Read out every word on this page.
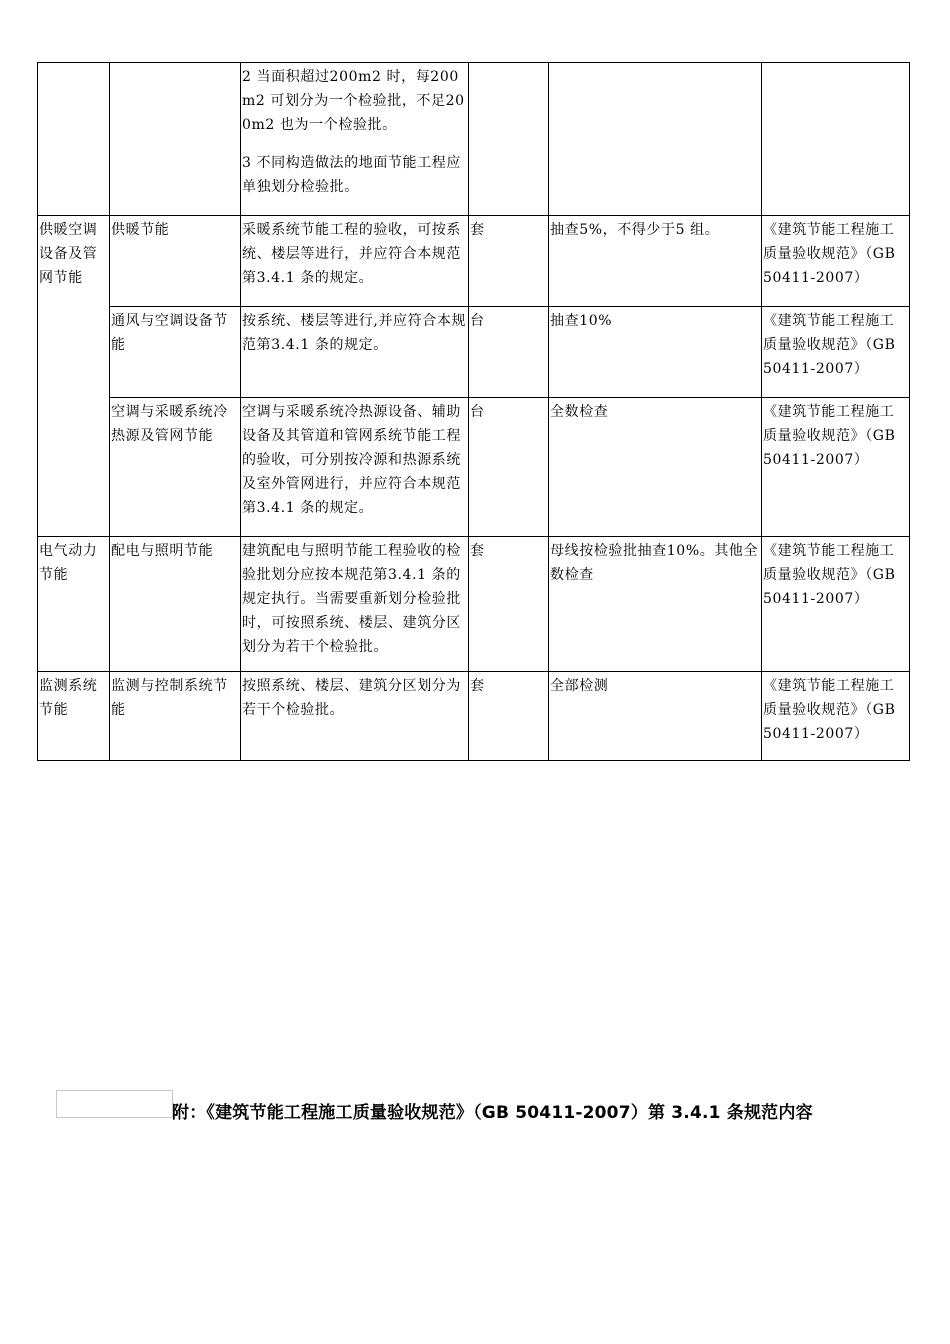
		2 当面积超过200m2 时，每200m2 可划分为一个检验批，不足200m2 也为一个检验批。

3 不同构造做法的地面节能工程应单独划分检验批。			

供暖空调设备及管网节能	供暖节能	采暖系统节能工程的验收，可按系统、楼层等进行，并应符合本规范第3.4.1 条的规定。	套	抽查5%，不得少于5 组。	《建筑节能工程施工质量验收规范》（GB 50411-2007）
	通风与空调设备节能	按系统、楼层等进行,并应符合本规范第3.4.1 条的规定。	台	抽查10%	《建筑节能工程施工质量验收规范》（GB 50411-2007）
	空调与采暖系统冷热源及管网节能	空调与采暖系统冷热源设备、辅助设备及其管道和管网系统节能工程的验收，可分别按冷源和热源系统及室外管网进行，并应符合本规范第3.4.1 条的规定。	台	全数检查	《建筑节能工程施工质量验收规范》（GB 50411-2007）
电气动力节能	配电与照明节能	建筑配电与照明节能工程验收的检验批划分应按本规范第3.4.1 条的规定执行。当需要重新划分检验批时，可按照系统、楼层、建筑分区划分为若干个检验批。	套	母线按检验批抽查10%。其他全数检查	《建筑节能工程施工质量验收规范》（GB 50411-2007）
监测系统节能	监测与控制系统节能	按照系统、楼层、建筑分区划分为若干个检验批。	套	全部检测	《建筑节能工程施工质量验收规范》（GB 50411-2007）
附：《建筑节能工程施工质量验收规范》（GB 50411-2007）第 3.4.1 条规范内容
